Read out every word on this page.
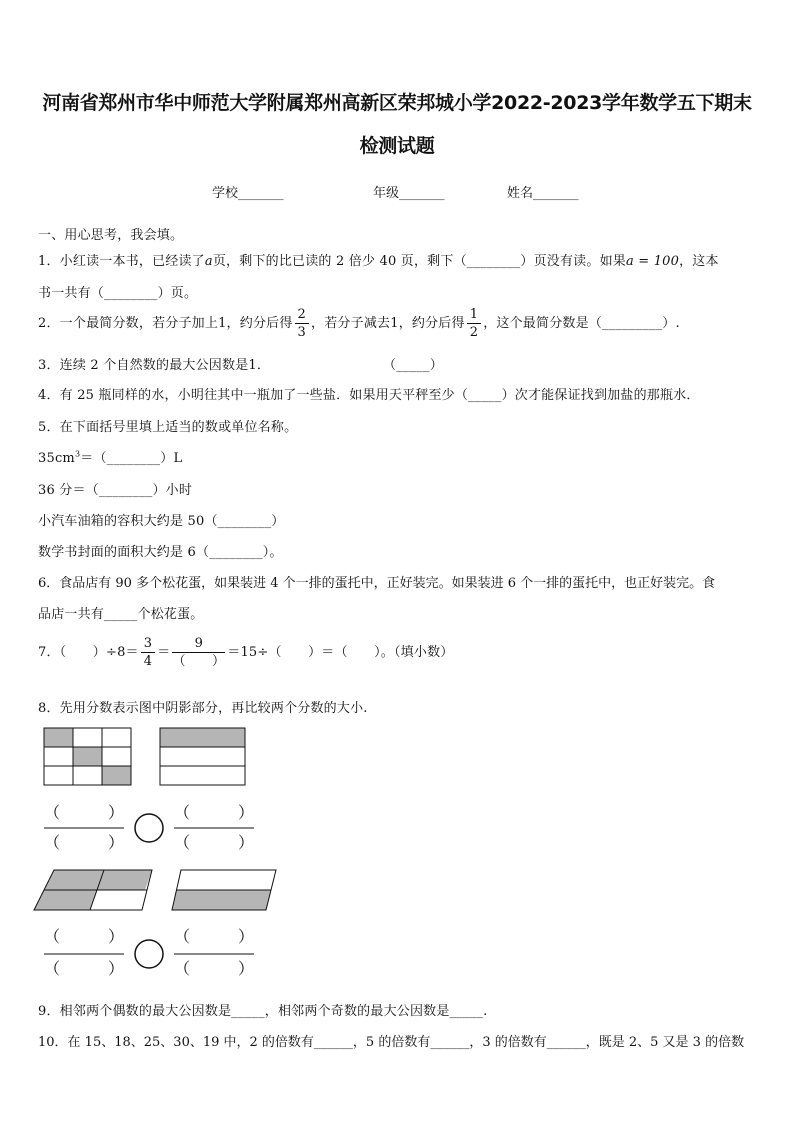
河南省郑州市华中师范大学附属郑州高新区荣邦城小学2022-2023学年数学五下期末
检测试题
学校_______	年级_______	姓名_______
一、用心思考，我会填。
1．小红读一本书，已经读了a页，剩下的比已读的 2 倍少 40 页，剩下（________）页没有读。如果a = 100，这本
书一共有（________）页。
2．一个最简分数，若分子加上1，约分后得 $\frac{2}{3}$ ，若分子减去1，约分后得 $\frac{1}{2}$ ，这个最简分数是（_________）.
3．连续 2 个自然数的最大公因数是1．	（_____）
4．有 25 瓶同样的水，小明往其中一瓶加了一些盐．如果用天平秤至少（_____）次才能保证找到加盐的那瓶水．
5．在下面括号里填上适当的数或单位名称。
$35cm^3=(\_\_\_\_\_\_\_\_)L$
36 分＝（________）小时
小汽车油箱的容积大约是 50（________）
数学书封面的面积大约是 6（________）。
6．食品店有 90 多个松花蛋，如果装进 4 个一排的蛋托中，正好装完。如果装进 6 个一排的蛋托中，也正好装完。食
品店一共有_____个松花蛋。
7．（　　）$\div 8= \frac{3}{4} = \frac{9}{( )} =15\div$（　　）＝（　　）。（填小数）
8．先用分数表示图中阴影部分，再比较两个分数的大小.
（　　　）
（　　　）
（　　　）
（　　　）
（　　　）
（　　　）
（　　　）
（　　　）
9．相邻两个偶数的最大公因数是_____，相邻两个奇数的最大公因数是_____.
10．在 15、18、25、30、19 中，2 的倍数有______，5 的倍数有______，3 的倍数有______，既是 2、5 又是 3 的倍数
